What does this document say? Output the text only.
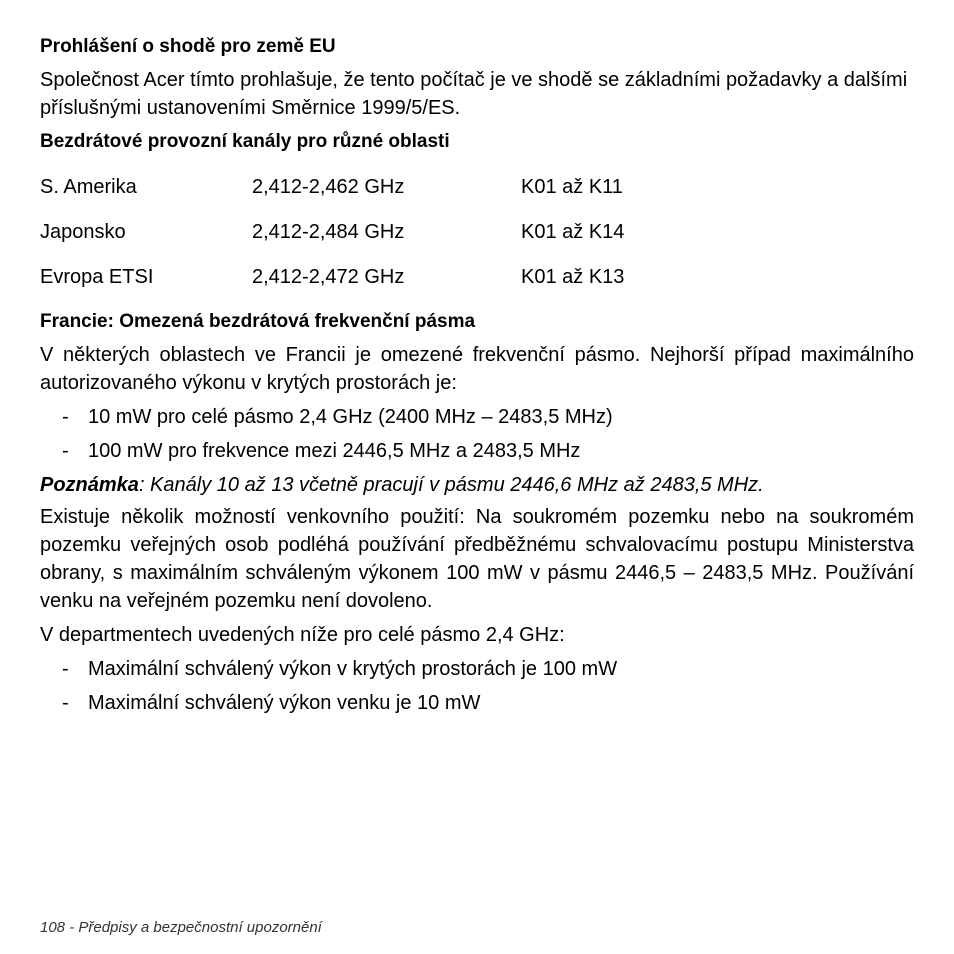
Prohlášení o shodě pro země EU

Společnost Acer tímto prohlašuje, že tento počítač je ve shodě se základními požadavky a dalšími příslušnými ustanoveními Směrnice 1999/5/ES.

Bezdrátové provozní kanály pro různé oblasti
S. Amerika	2,412-2,462 GHz	K01 až K11
Japonsko	2,412-2,484 GHz	K01 až K14
Evropa ETSI	2,412-2,472 GHz	K01 až K13
Francie: Omezená bezdrátová frekvenční pásma

V některých oblastech ve Francii je omezené frekvenční pásmo. Nejhorší případ maximálního autorizovaného výkonu v krytých prostorách je:

- 10 mW pro celé pásmo 2,4 GHz (2400 MHz – 2483,5 MHz)
- 100 mW pro frekvence mezi 2446,5 MHz a 2483,5 MHz

Poznámka: Kanály 10 až 13 včetně pracují v pásmu 2446,6 MHz až 2483,5 MHz.

Existuje několik možností venkovního použití: Na soukromém pozemku nebo na soukromém pozemku veřejných osob podléhá používání předběžnému schvalovacímu postupu Ministerstva obrany, s maximálním schváleným výkonem 100 mW v pásmu 2446,5 – 2483,5 MHz. Používání venku na veřejném pozemku není dovoleno.

V departmentech uvedených níže pro celé pásmo 2,4 GHz:

- Maximální schválený výkon v krytých prostorách je 100 mW
- Maximální schválený výkon venku je 10 mW
108 - Předpisy a bezpečnostní upozornění
